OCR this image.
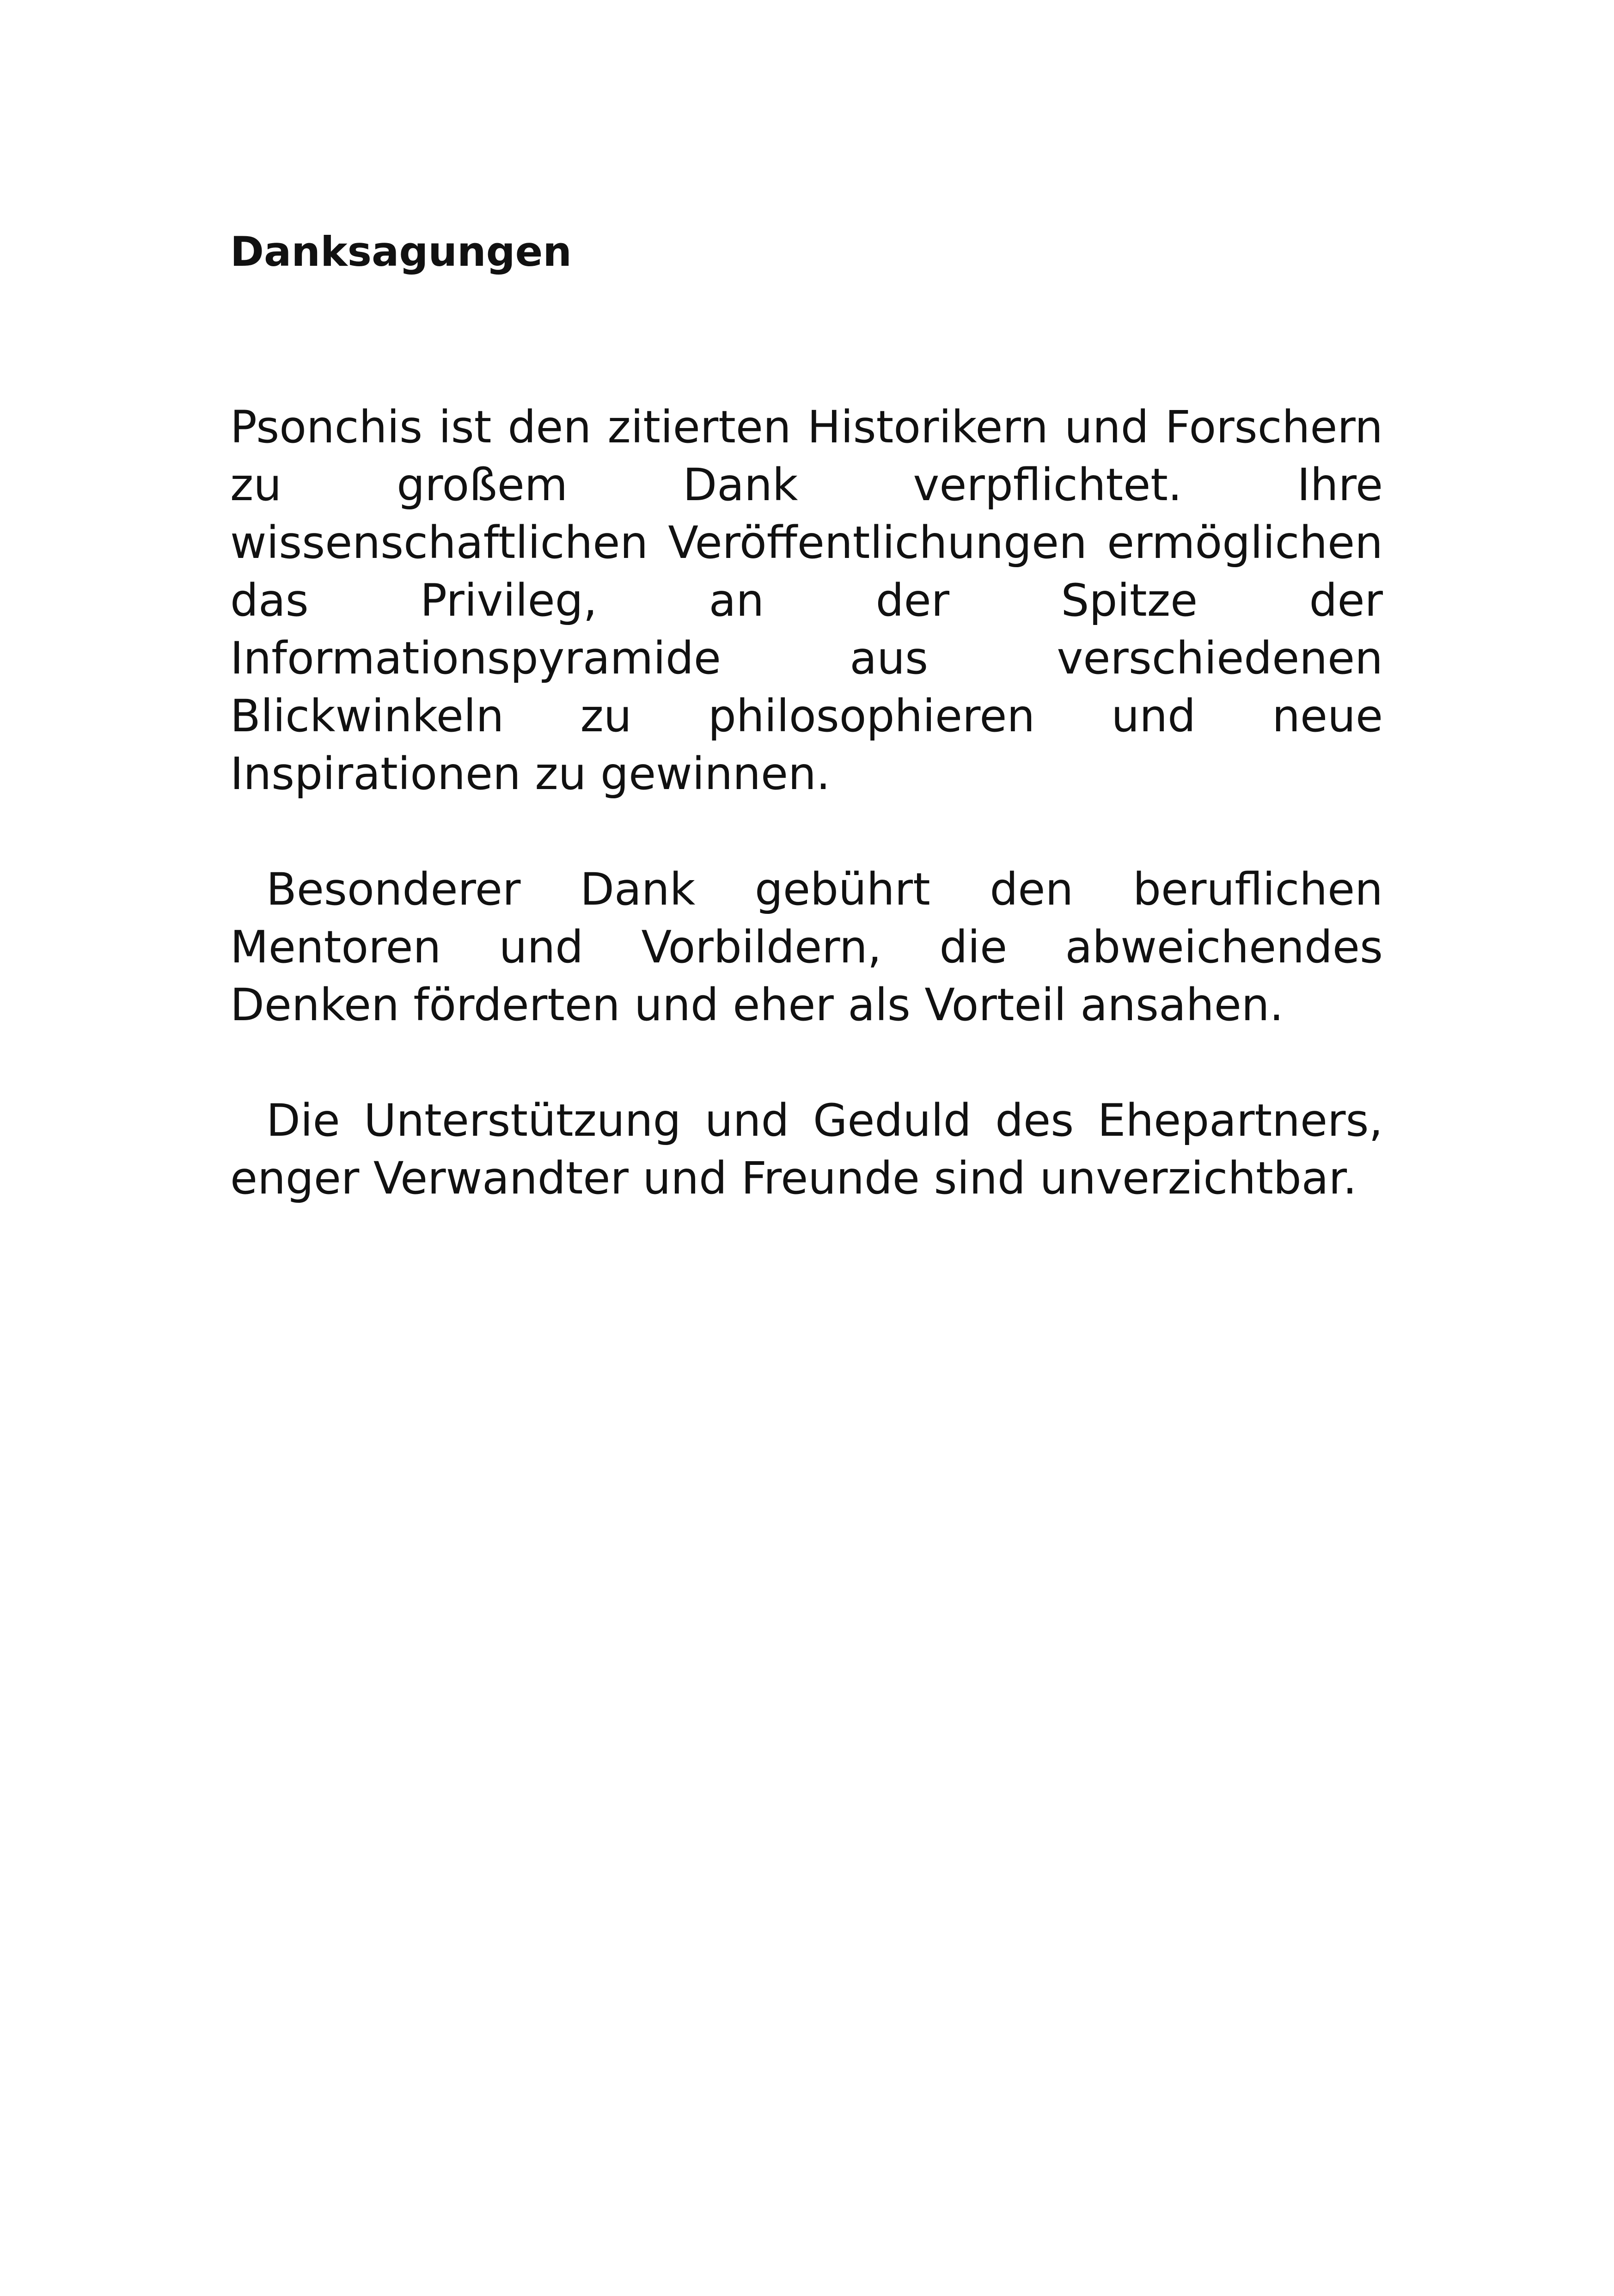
Danksagungen

Psonchis ist den zitierten Historikern und Forschern zu großem Dank verpflichtet. Ihre wissenschaftlichen Veröffentlichungen ermöglichen das Privileg, an der Spitze der Informationspyramide aus verschiedenen Blickwinkeln zu philosophieren und neue Inspirationen zu gewinnen.

Besonderer Dank gebührt den beruflichen Mentoren und Vorbildern, die abweichendes Denken förderten und eher als Vorteil ansahen.

Die Unterstützung und Geduld des Ehepartners, enger Verwandter und Freunde sind unverzichtbar.
